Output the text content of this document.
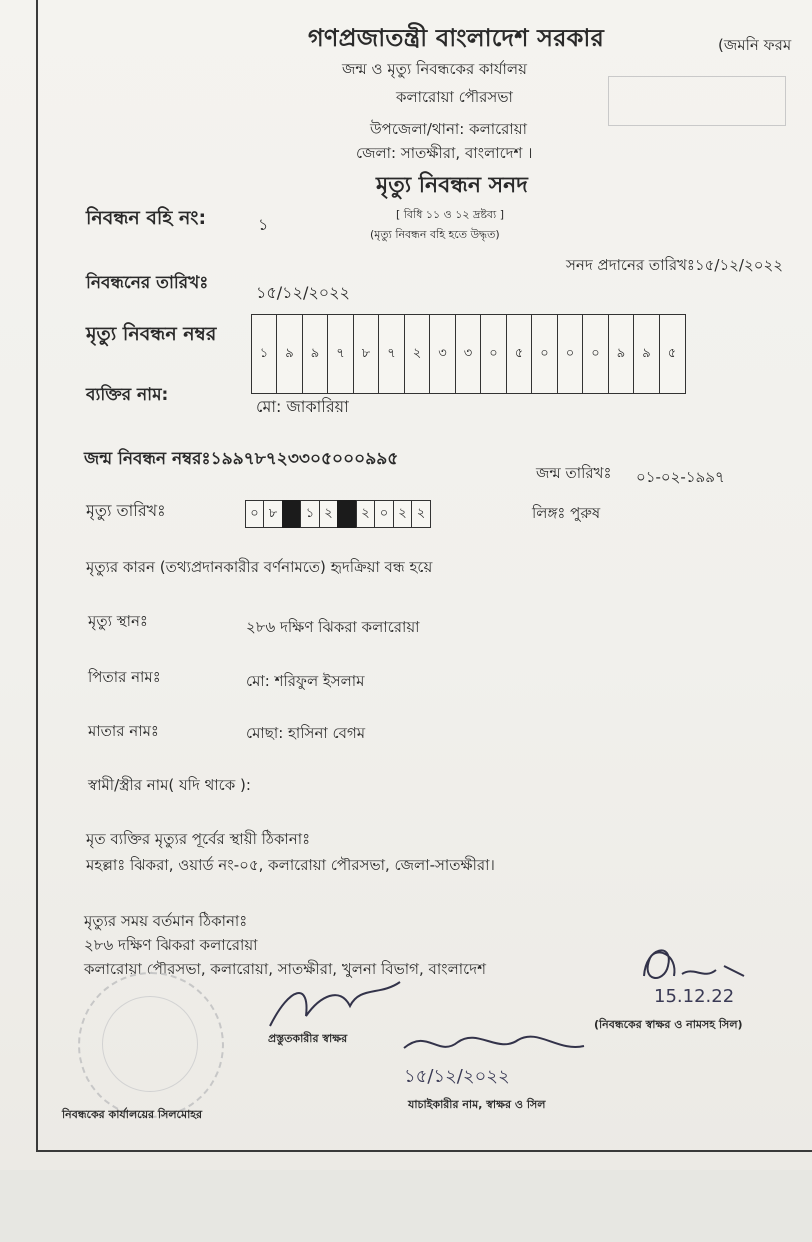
গণপ্রজাতন্ত্রী বাংলাদেশ সরকার	(জমনি ফরম
জন্ম ও মৃত্যু নিবন্ধকের কার্যালয়
কলারোয়া পৌরসভা
উপজেলা/থানা: কলারোয়া
জেলা: সাতক্ষীরা, বাংলাদেশ ।
মৃত্যু নিবন্ধন সনদ
[ বিধি ১১ ও ১২ দ্রষ্টব্য ]
(মৃত্যু নিবন্ধন বহি হতে উদ্ধৃত)
নিবন্ধন বহি নং:	১
সনদ প্রদানের তারিখঃ১৫/১২/২০২২
নিবন্ধনের তারিখঃ	১৫/১২/২০২২
মৃত্যু নিবন্ধন নম্বর
১	৯	৯	৭	৮	৭	২	৩	৩	০	৫	০	০	০	৯	৯	৫
ব্যক্তির নাম:
মো: জাকারিয়া
জন্ম নিবন্ধন নম্বরঃ১৯৯৭৮৭২৩৩০৫০০০৯৯৫
জন্ম তারিখঃ ০১-০২-১৯৯৭
মৃত্যু তারিখঃ	০ ৮	১ ২	২ ০ ২ ২	লিঙ্গঃ পুরুষ
মৃত্যুর কারন (তথ্যপ্রদানকারীর বর্ণনামতে) হৃদক্রিয়া বন্ধ হয়ে
মৃত্যু স্থানঃ	২৮৬ দক্ষিণ ঝিকরা কলারোয়া
পিতার নামঃ	মো: শরিফুল ইসলাম
মাতার নামঃ	মোছা: হাসিনা বেগম
স্বামী/স্ত্রীর নাম( যদি থাকে ):
মৃত ব্যক্তির মৃত্যুর পূর্বের স্থায়ী ঠিকানাঃ
মহল্লাঃ ঝিকরা, ওয়ার্ড নং-০৫, কলারোয়া পৌরসভা, জেলা-সাতক্ষীরা।
মৃত্যুর সময় বর্তমান ঠিকানাঃ
২৮৬ দক্ষিণ ঝিকরা কলারোয়া
কলারোয়া পৌরসভা, কলারোয়া, সাতক্ষীরা, খুলনা বিভাগ, বাংলাদেশ
15.12.22
(নিবন্ধকের স্বাক্ষর ও নামসহ সিল)
প্রস্তুতকারীর স্বাক্ষর
১৫/১২/২০২২
যাচাইকারীর নাম, স্বাক্ষর ও সিল
নিবন্ধকের কার্যালয়ের সিলমোহর
